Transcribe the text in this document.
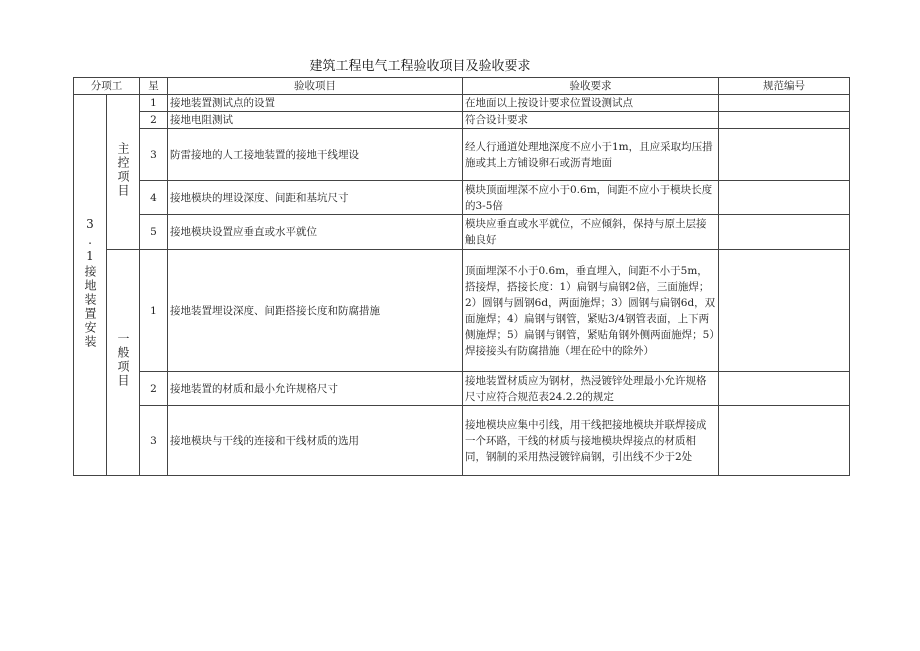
建筑工程电气工程验收项目及验收要求
分项工		星	验收项目	验收要求	规范编号
3.1接地装置安装	主控项目	1	接地装置测试点的设置	在地面以上按设计要求位置设测试点	
		2	接地电阻测试	符合设计要求	
		3	防雷接地的人工接地装置的接地干线埋设	经人行通道处理地深度不应小于1m，且应采取均压措施或其上方铺设卵石或沥青地面	
		4	接地模块的埋设深度、间距和基坑尺寸	模块顶面埋深不应小于0.6m，间距不应小于模块长度的3-5倍	
		5	接地模块设置应垂直或水平就位	模块应垂直或水平就位，不应倾斜，保持与原土层接触良好	
	一般项目	1	接地装置埋设深度、间距搭接长度和防腐措施	顶面埋深不小于0.6m，垂直埋入，间距不小于5m，搭接焊，搭接长度：1）扁钢与扁钢2倍，三面施焊；2）圆钢与圆钢6d，两面施焊；3）圆钢与扁钢6d，双面施焊；4）扁钢与钢管，紧贴3/4钢管表面，上下两侧施焊；5）扁钢与钢管，紧贴角钢外侧两面施焊；5）焊接接头有防腐措施（埋在砼中的除外）	
		2	接地装置的材质和最小允许规格尺寸	接地装置材质应为钢材，热浸镀锌处理最小允许规格尺寸应符合规范表24.2.2的规定	
		3	接地模块与干线的连接和干线材质的选用	接地模块应集中引线，用干线把接地模块并联焊接成一个环路，干线的材质与接地模块焊接点的材质相同，钢制的采用热浸镀锌扁钢，引出线不少于2处	
